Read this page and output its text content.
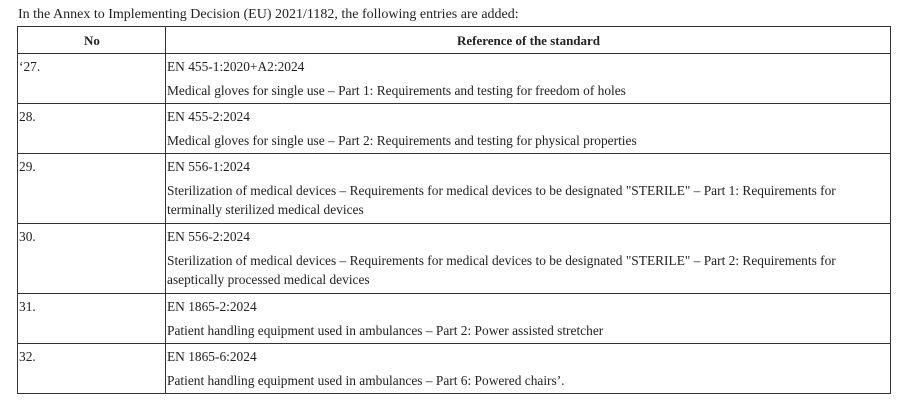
In the Annex to Implementing Decision (EU) 2021/1182, the following entries are added:
No	Reference of the standard
‘27.	EN 455-1:2020+A2:2024
Medical gloves for single use – Part 1: Requirements and testing for freedom of holes

28.	EN 455-2:2024
Medical gloves for single use – Part 2: Requirements and testing for physical properties

29.	EN 556-1:2024
Sterilization of medical devices – Requirements for medical devices to be designated "STERILE" – Part 1: Requirements for terminally sterilized medical devices

30.	EN 556-2:2024
Sterilization of medical devices – Requirements for medical devices to be designated "STERILE" – Part 2: Requirements for aseptically processed medical devices

31.	EN 1865-2:2024
Patient handling equipment used in ambulances – Part 2: Power assisted stretcher

32.	EN 1865-6:2024
Patient handling equipment used in ambulances – Part 6: Powered chairs’.
